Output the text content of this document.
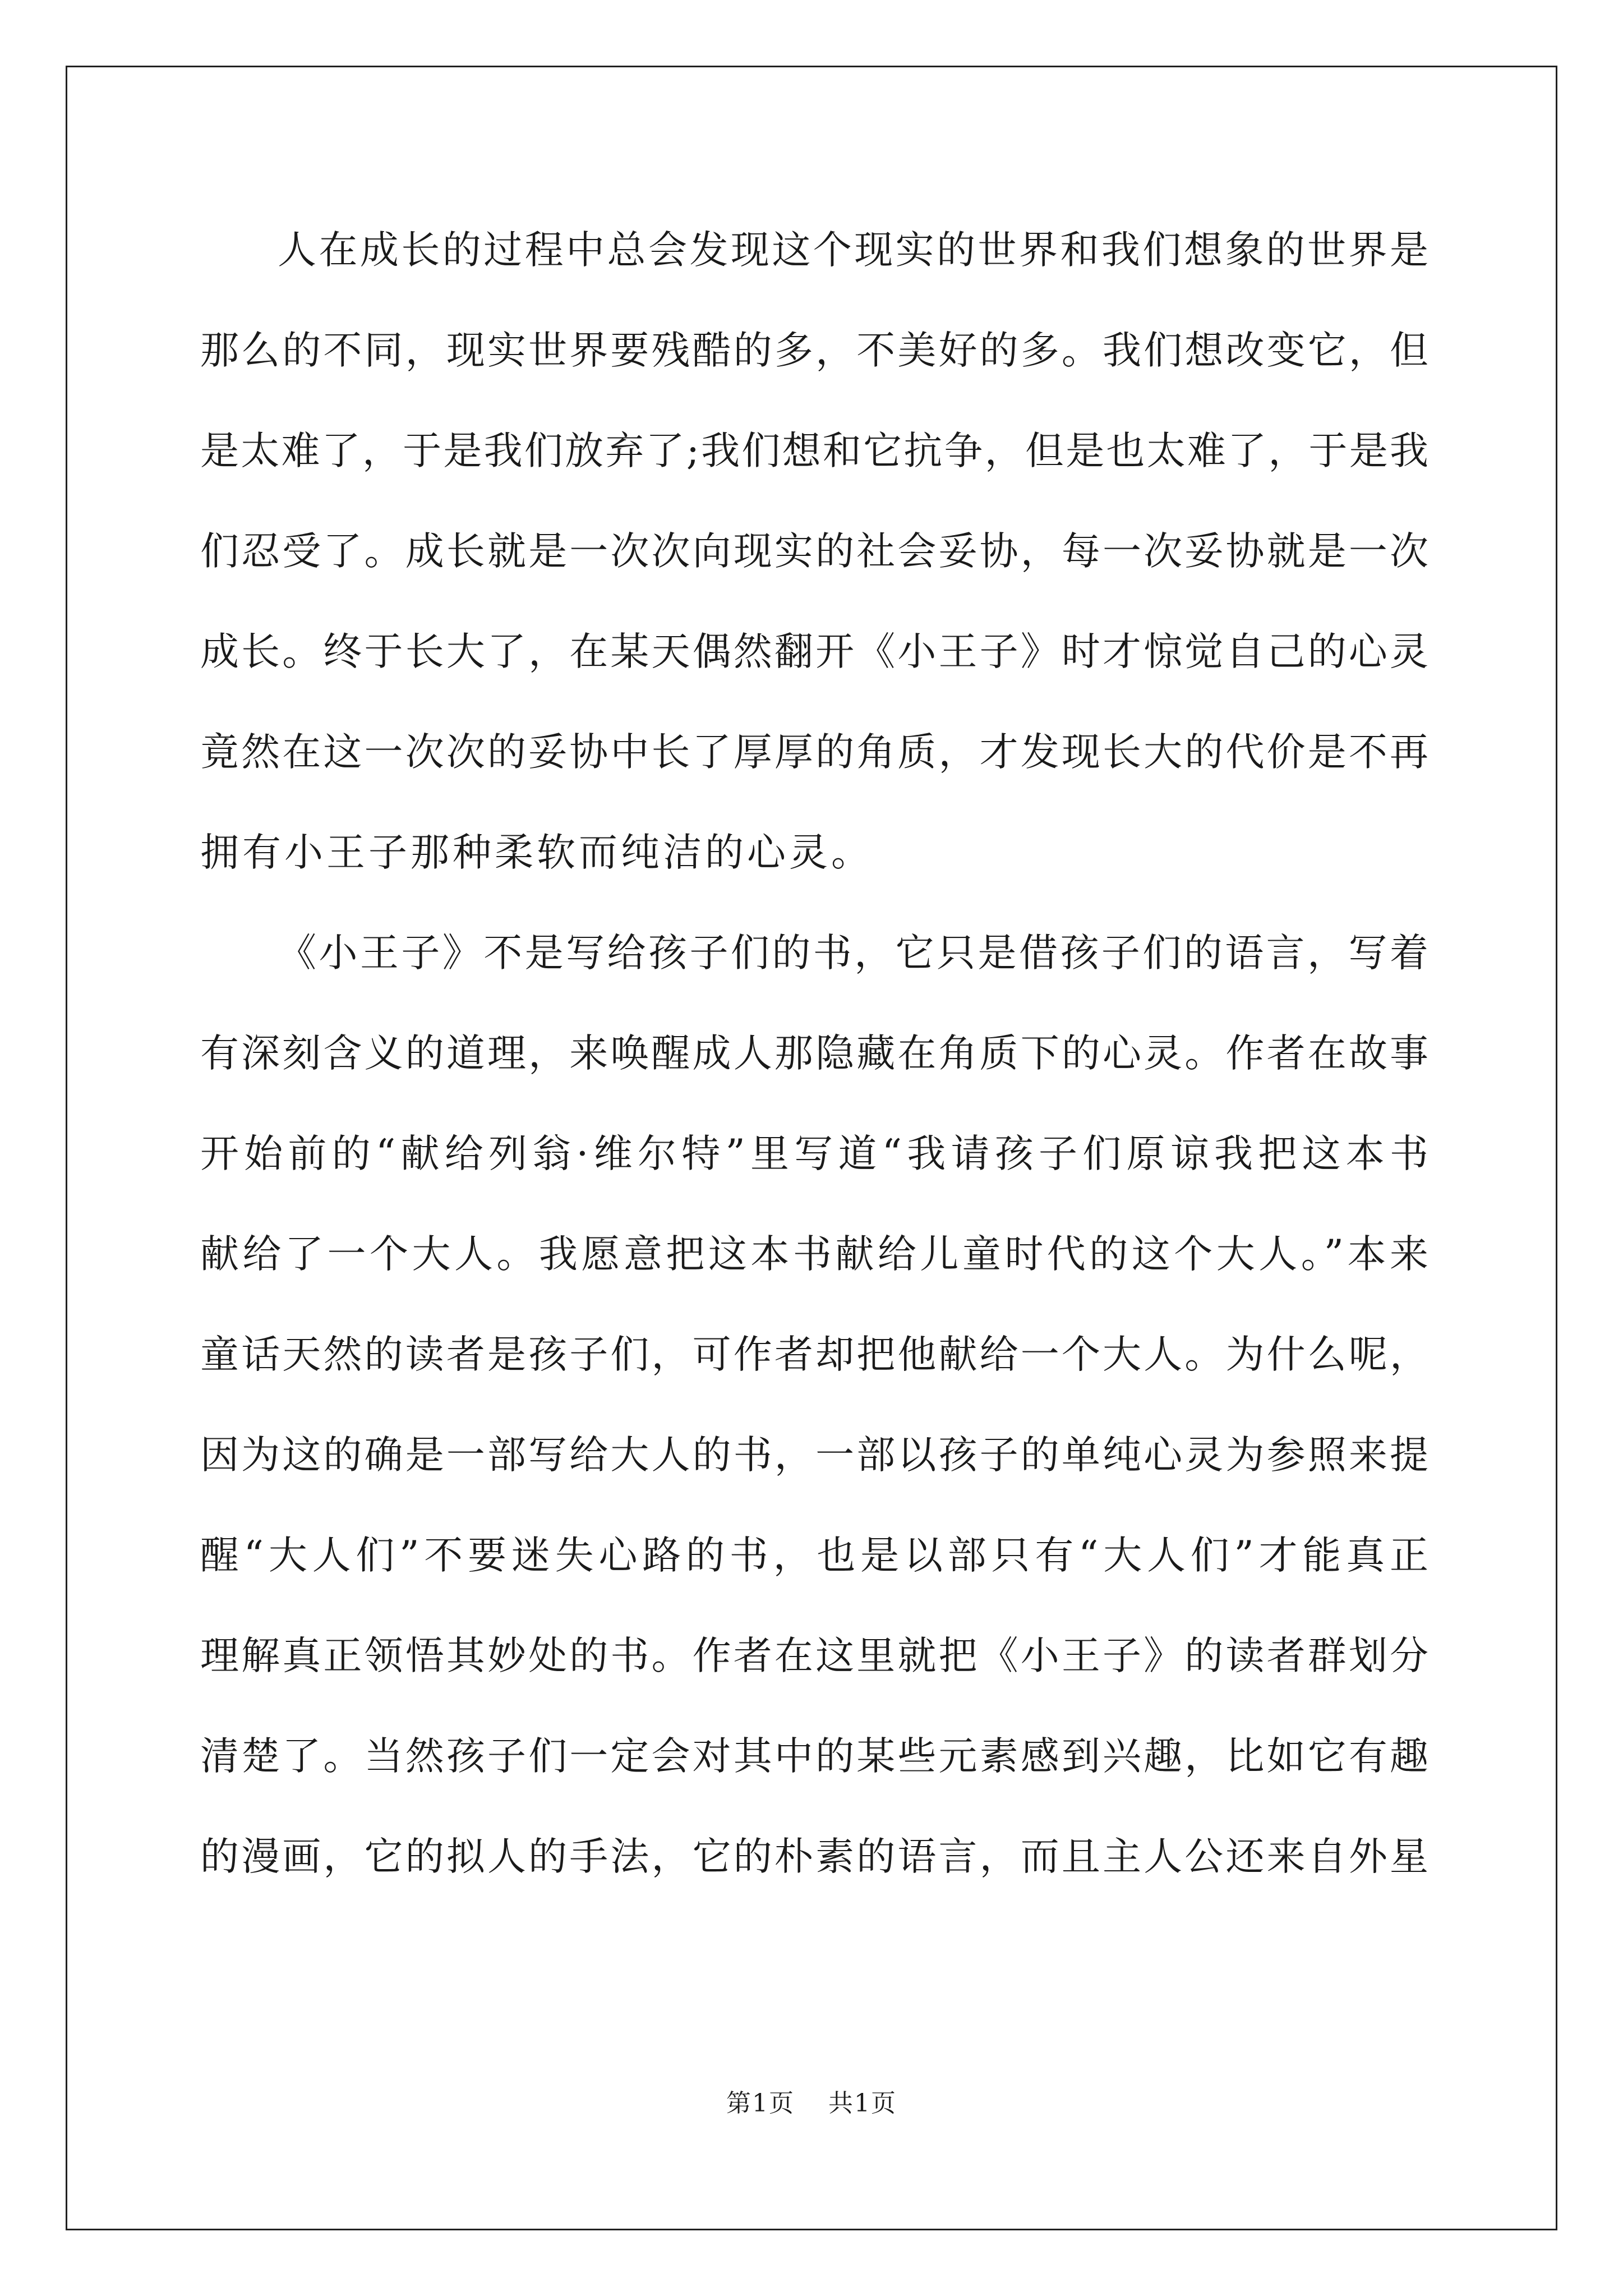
人在成长的过程中总会发现这个现实的世界和我们想象的世界是
那么的不同，现实世界要残酷的多，不美好的多。我们想改变它，但
是太难了，于是我们放弃了;我们想和它抗争，但是也太难了，于是我
们忍受了。成长就是一次次向现实的社会妥协，每一次妥协就是一次
成长。终于长大了，在某天偶然翻开《小王子》时才惊觉自己的心灵
竟然在这一次次的妥协中长了厚厚的角质，才发现长大的代价是不再
拥有小王子那种柔软而纯洁的心灵。
《小王子》不是写给孩子们的书，它只是借孩子们的语言，写着
有深刻含义的道理，来唤醒成人那隐藏在角质下的心灵。作者在故事
开始前的“献给列翁·维尔特”里写道“我请孩子们原谅我把这本书
献给了一个大人。我愿意把这本书献给儿童时代的这个大人。”本来
童话天然的读者是孩子们，可作者却把他献给一个大人。为什么呢，
因为这的确是一部写给大人的书，一部以孩子的单纯心灵为参照来提
醒“大人们”不要迷失心路的书，也是以部只有“大人们”才能真正
理解真正领悟其妙处的书。作者在这里就把《小王子》的读者群划分
清楚了。当然孩子们一定会对其中的某些元素感到兴趣，比如它有趣
的漫画，它的拟人的手法，它的朴素的语言，而且主人公还来自外星
第1页 共1页
